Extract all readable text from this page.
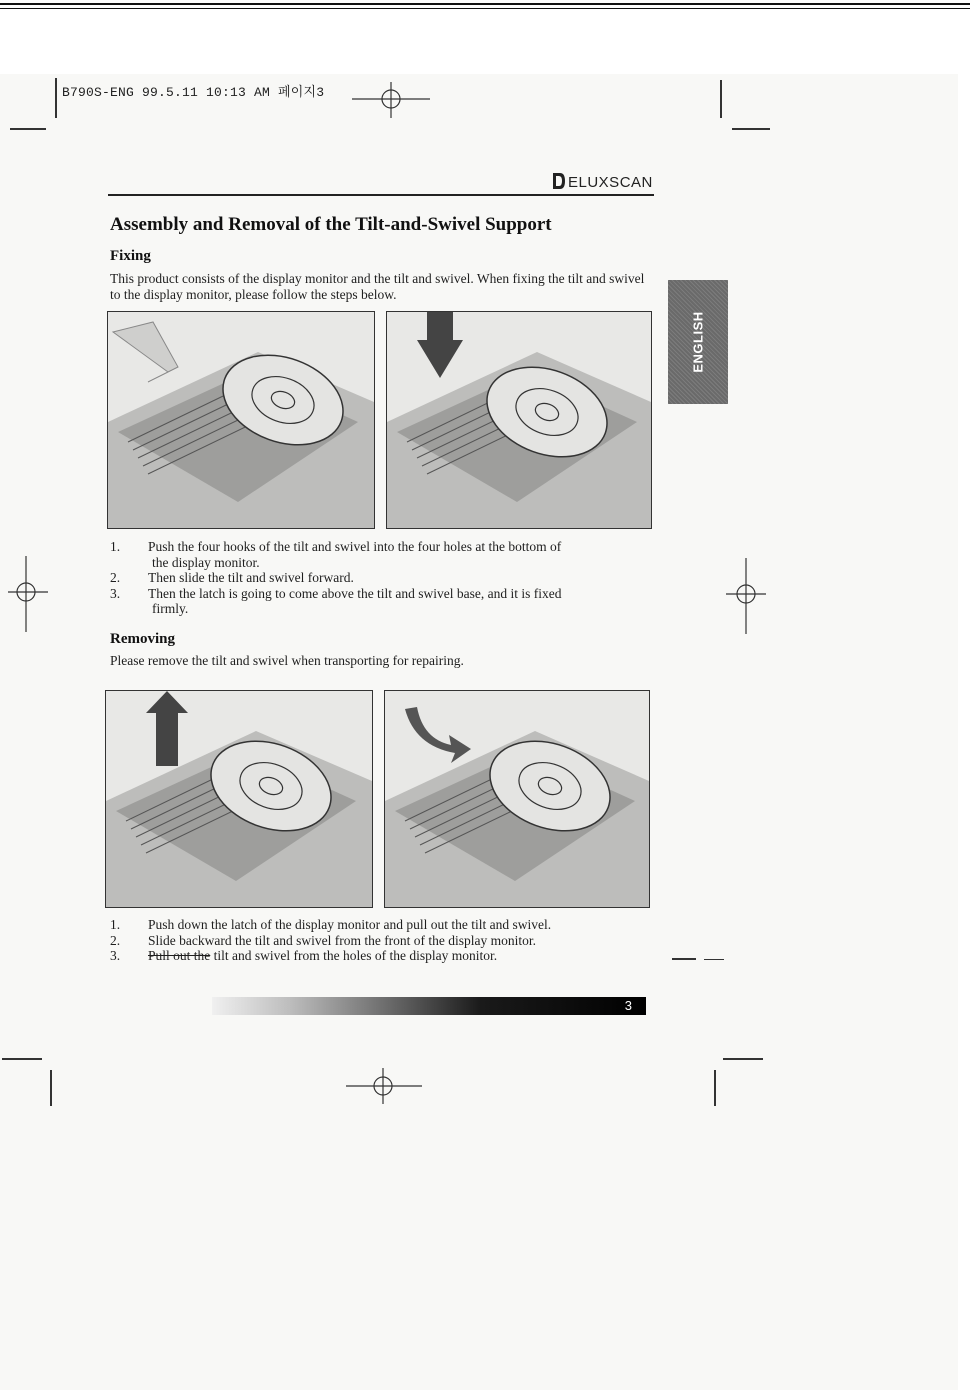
B790S-ENG 99.5.11 10:13 AM 페이지3
ELUXSCAN
Assembly and Removal of the Tilt-and-Swivel Support
Fixing
This product consists of the display monitor and the tilt and swivel. When fixing the tilt and swivel to the display monitor, please follow the steps below.
ENGLISH
1. Push the four hooks of the tilt and swivel into the four holes at the bottom of
the display monitor.
2. Then slide the tilt and swivel forward.
3. Then the latch is going to come above the tilt and swivel base, and it is fixed
firmly.
Removing
Please remove the tilt and swivel when transporting for repairing.
1. Push down the latch of the display monitor and pull out the tilt and swivel.
2. Slide backward the tilt and swivel from the front of the display monitor.
3. Pull out the tilt and swivel from the holes of the display monitor.
3
